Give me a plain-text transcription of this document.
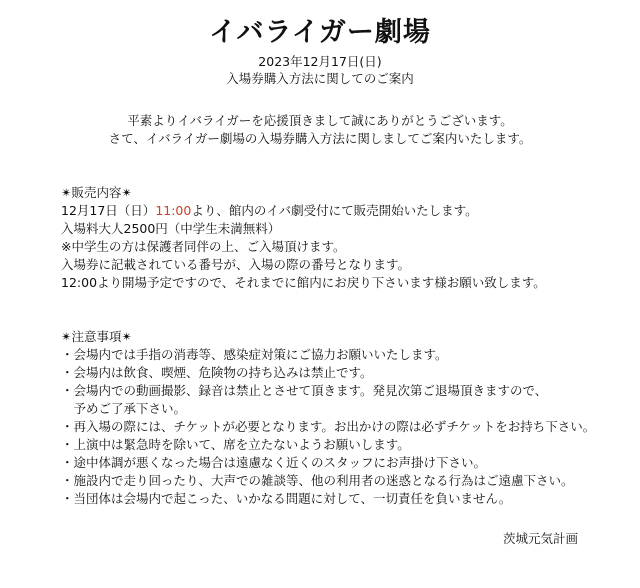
イバライガー劇場
2023年12月17日(日)
入場券購入方法に関してのご案内
平素よりイバライガーを応援頂きまして誠にありがとうございます。
さて、イバライガー劇場の入場券購入方法に関しましてご案内いたします。
✴︎販売内容✴︎
12月17日（日）11:00より、館内のイバ劇受付にて販売開始いたします。
入場料大人2500円（中学生未満無料）
※中学生の方は保護者同伴の上、ご入場頂けます。
入場券に記載されている番号が、入場の際の番号となります。
12:00より開場予定ですので、それまでに館内にお戻り下さいます様お願い致します。
✴︎注意事項✴︎
・会場内では手指の消毒等、感染症対策にご協力お願いいたします。
・会場内は飲食、喫煙、危険物の持ち込みは禁止です。
・会場内での動画撮影、録音は禁止とさせて頂きます。発見次第ご退場頂きますので、
　予めご了承下さい。
・再入場の際には、チケットが必要となります。お出かけの際は必ずチケットをお持ち下さい。
・上演中は緊急時を除いて、席を立たないようお願いします。
・途中体調が悪くなった場合は遠慮なく近くのスタッフにお声掛け下さい。
・施設内で走り回ったり、大声での雑談等、他の利用者の迷惑となる行為はご遠慮下さい。
・当団体は会場内で起こった、いかなる問題に対して、一切責任を負いません。
茨城元気計画
